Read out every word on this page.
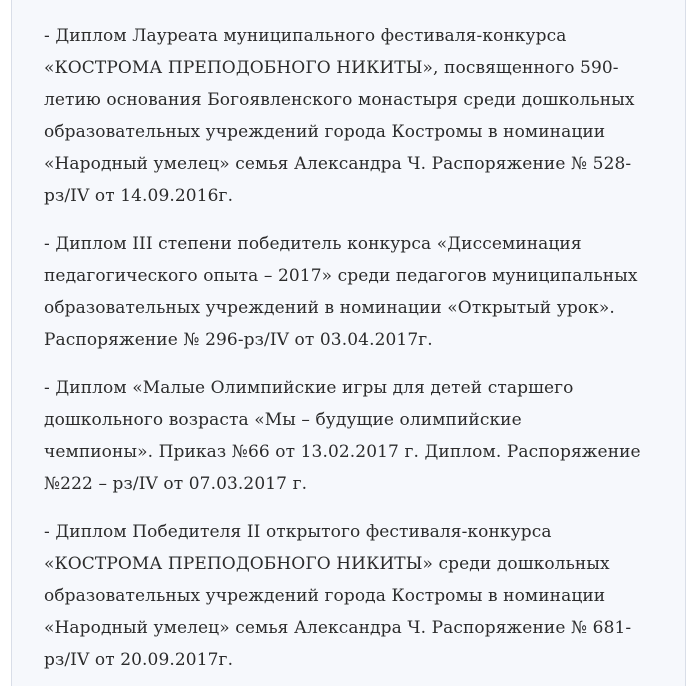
- Диплом Лауреата муниципального фестиваля-конкурса
«КОСТРОМА ПРЕПОДОБНОГО НИКИТЫ», посвященного 590-
летию основания Богоявленского монастыря среди дошкольных
образовательных учреждений города Костромы в номинации
«Народный умелец» семья Александра Ч. Распоряжение № 528-
рз/IV от 14.09.2016г.
- Диплом III степени победитель конкурса «Диссеминация
педагогического опыта – 2017» среди педагогов муниципальных
образовательных учреждений в номинации «Открытый урок».
Распоряжение № 296-рз/IV от 03.04.2017г.
- Диплом «Малые Олимпийские игры для детей старшего
дошкольного возраста «Мы – будущие олимпийские
чемпионы». Приказ №66 от 13.02.2017 г. Диплом. Распоряжение
№222 – рз/IV от 07.03.2017 г.
- Диплом Победителя II открытого фестиваля-конкурса
«КОСТРОМА ПРЕПОДОБНОГО НИКИТЫ» среди дошкольных
образовательных учреждений города Костромы в номинации
«Народный умелец» семья Александра Ч. Распоряжение № 681-
рз/IV от 20.09.2017г.
